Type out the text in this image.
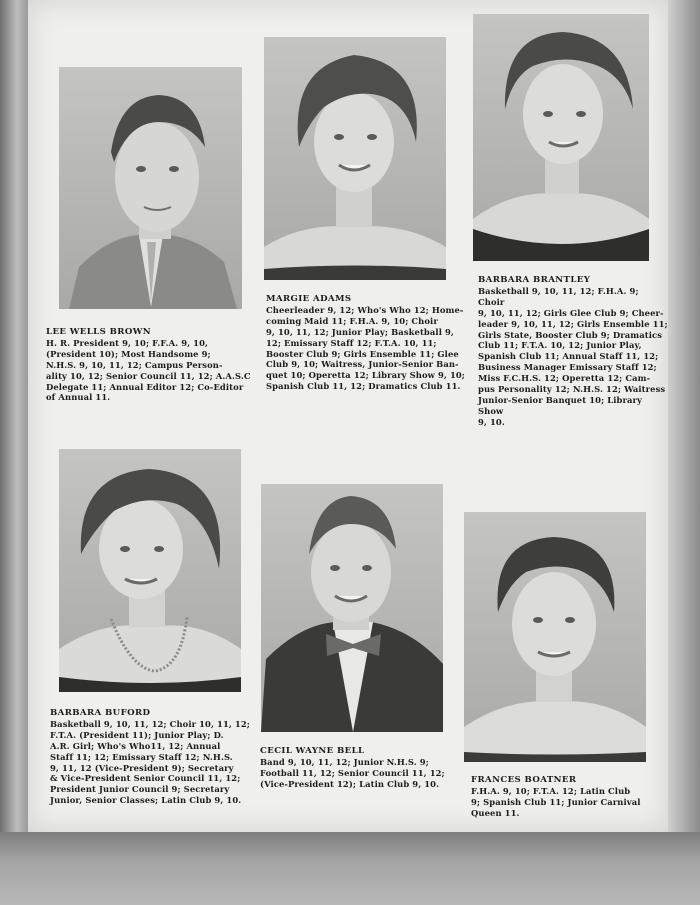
LEE WELLS BROWN
H. R. President 9, 10; F.F.A. 9, 10,
(President 10); Most Handsome 9;
N.H.S. 9, 10, 11, 12; Campus Person-
ality 10, 12; Senior Council 11, 12; A.A.S.C
Delegate 11; Annual Editor 12; Co-Editor
of Annual 11.
MARGIE ADAMS
Cheerleader 9, 12; Who's Who 12; Home-
coming Maid 11; F.H.A. 9, 10; Choir
9, 10, 11, 12; Junior Play; Basketball 9,
12; Emissary Staff 12; F.T.A. 10, 11;
Booster Club 9; Girls Ensemble 11; Glee
Club 9, 10; Waitress, Junior-Senior Ban-
quet 10; Operetta 12; Library Show 9, 10;
Spanish Club 11, 12; Dramatics Club 11.
BARBARA BRANTLEY
Basketball 9, 10, 11, 12; F.H.A. 9; Choir
9, 10, 11, 12; Girls Glee Club 9; Cheer-
leader 9, 10, 11, 12; Girls Ensemble 11;
Girls State, Booster Club 9; Dramatics
Club 11; F.T.A. 10, 12; Junior Play,
Spanish Club 11; Annual Staff 11, 12;
Business Manager Emissary Staff 12;
Miss F.C.H.S. 12; Operetta 12; Cam-
pus Personality 12; N.H.S. 12; Waitress
Junior-Senior Banquet 10; Library Show
9, 10.
BARBARA BUFORD
Basketball 9, 10, 11, 12; Choir 10, 11, 12;
F.T.A. (President 11); Junior Play; D.
A.R. Girl; Who's Who11, 12; Annual
Staff 11; 12; Emissary Staff 12; N.H.S.
9, 11, 12 (Vice-President 9); Secretary
& Vice-President Senior Council 11, 12;
President Junior Council 9; Secretary
Junior, Senior Classes; Latin Club 9, 10.
CECIL WAYNE BELL
Band 9, 10, 11, 12; Junior N.H.S. 9;
Football 11, 12; Senior Council 11, 12;
(Vice-President 12); Latin Club 9, 10.	FRANCES BOATNER
F.H.A. 9, 10; F.T.A. 12; Latin Club
9; Spanish Club 11; Junior Carnival
Queen 11.
